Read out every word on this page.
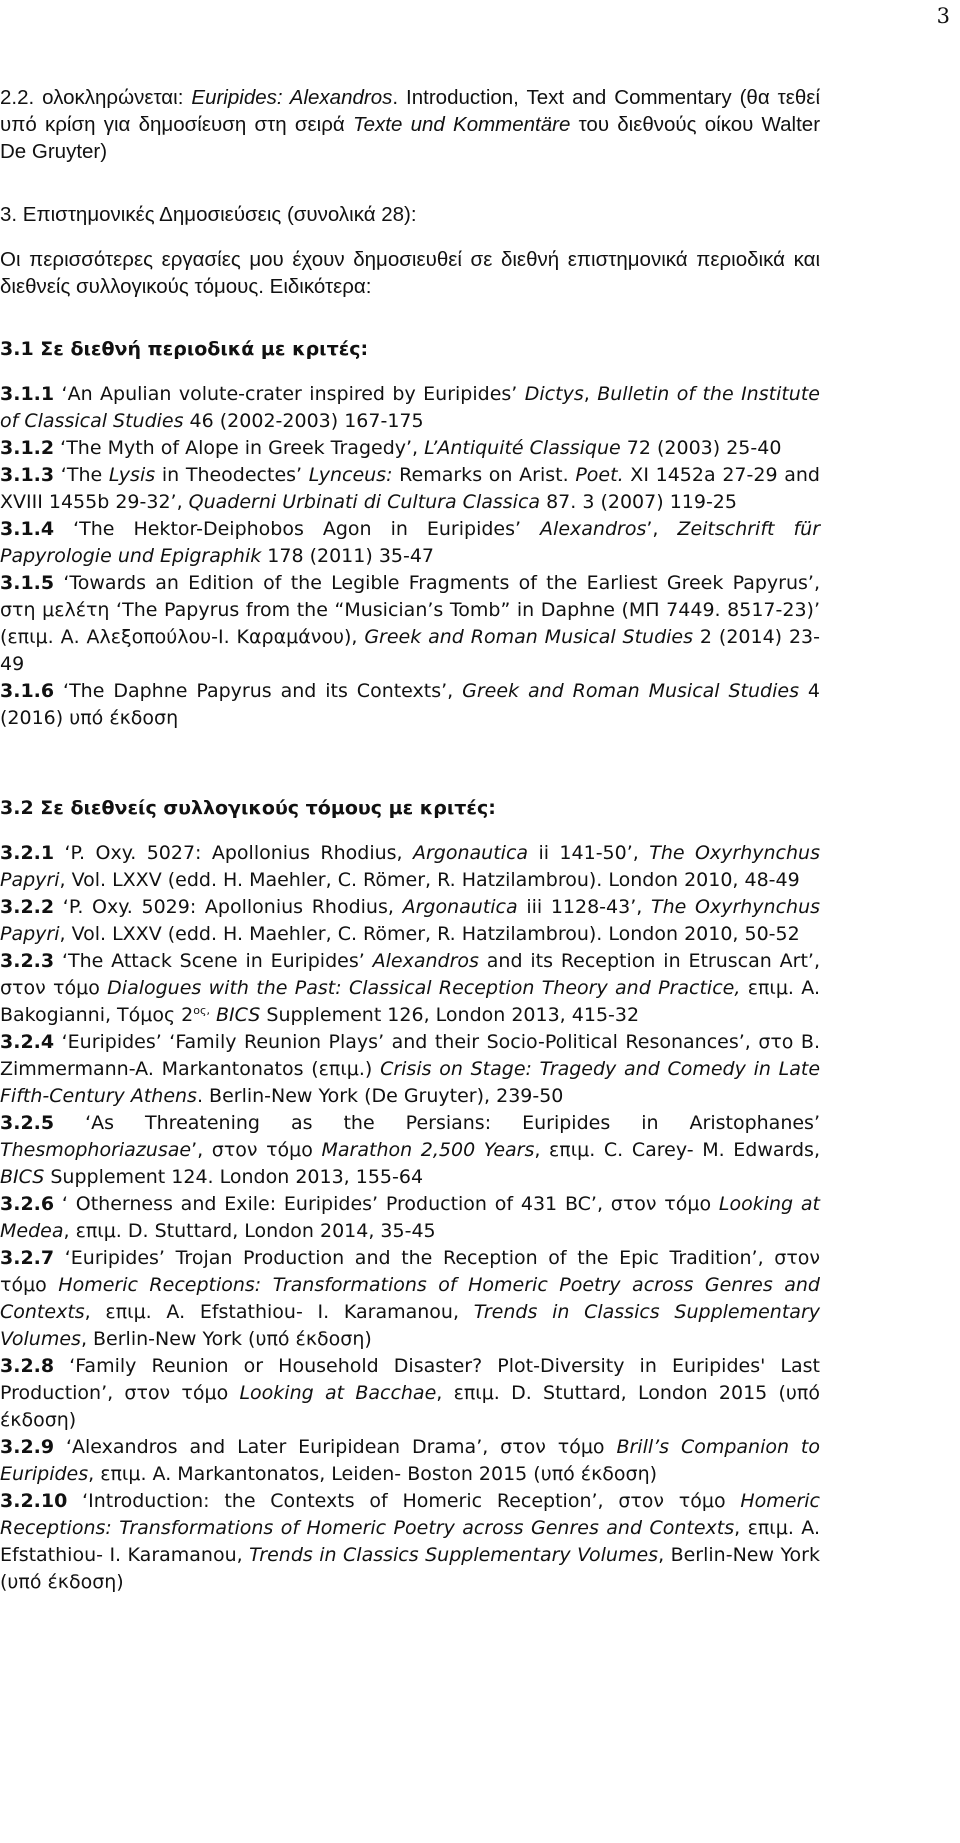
3

2.2. ολοκληρώνεται: Euripides: Alexandros. Introduction, Text and Commentary (θα τεθεί υπό κρίση για δημοσίευση στη σειρά Texte und Kommentäre του διεθνούς οίκου Walter De Gruyter)

3. Επιστημονικές Δημοσιεύσεις (συνολικά 28):

Οι περισσότερες εργασίες μου έχουν δημοσιευθεί σε διεθνή επιστημονικά περιοδικά και διεθνείς συλλογικούς τόμους. Ειδικότερα:

3.1 Σε διεθνή περιοδικά με κριτές:

3.1.1 ‘An Apulian volute-crater inspired by Euripides’ Dictys, Bulletin of the Institute of Classical Studies 46 (2002-2003) 167-175

3.1.2 ‘The Myth of Alope in Greek Tragedy’, L’Antiquité Classique 72 (2003) 25-40

3.1.3 ‘The Lysis in Theodectes’ Lynceus: Remarks on Arist. Poet. XI 1452a 27-29 and XVIII 1455b 29-32’, Quaderni Urbinati di Cultura Classica 87. 3 (2007) 119-25

3.1.4 ‘The Hektor-Deiphobos Agon in Euripides’ Alexandros’, Zeitschrift für Papyrologie und Epigraphik 178 (2011) 35-47

3.1.5 ‘Towards an Edition of the Legible Fragments of the Earliest Greek Papyrus’, στη μελέτη ‘The Papyrus from the “Musician’s Tomb” in Daphne (ΜΠ 7449. 8517-23)’ (επιμ. Α. Αλεξοπούλου-Ι. Καραμάνου), Greek and Roman Musical Studies 2 (2014) 23-49

3.1.6 ‘The Daphne Papyrus and its Contexts’, Greek and Roman Musical Studies 4 (2016) υπό έκδοση

3.2 Σε διεθνείς συλλογικούς τόμους με κριτές:

3.2.1 ‘P. Oxy. 5027: Apollonius Rhodius, Argonautica ii 141-50’, The Oxyrhynchus Papyri, Vol. LXXV (edd. H. Maehler, C. Römer, R. Hatzilambrou). London 2010, 48-49

3.2.2 ‘P. Oxy. 5029: Apollonius Rhodius, Argonautica iii 1128-43’, The Oxyrhynchus Papyri, Vol. LXXV (edd. H. Maehler, C. Römer, R. Hatzilambrou). London 2010, 50-52

3.2.3 ‘The Attack Scene in Euripides’ Alexandros and its Reception in Etruscan Art’, στον τόμο Dialogues with the Past: Classical Reception Theory and Practice, επιμ. A. Bakogianni, Τόμος $2^{o\varsigma,}$ BICS Supplement 126, London 2013, 415-32

3.2.4 ‘Euripides’ ‘Family Reunion Plays’ and their Socio-Political Resonances’, στο B. Zimmermann-A. Markantonatos (επιμ.) Crisis on Stage: Tragedy and Comedy in Late Fifth-Century Athens. Berlin-New York (De Gruyter), 239-50

3.2.5 ‘As Threatening as the Persians: Euripides in Aristophanes’ Thesmophoriazusae’, στον τόμο Marathon 2,500 Years, επιμ. C. Carey- M. Edwards, BICS Supplement 124. London 2013, 155-64

3.2.6 ‘ Otherness and Exile: Euripides’ Production of 431 BC’, στον τόμο Looking at Medea, επιμ. D. Stuttard, London 2014, 35-45

3.2.7 ‘Euripides’ Trojan Production and the Reception of the Epic Tradition’, στον τόμο Homeric Receptions: Transformations of Homeric Poetry across Genres and Contexts, επιμ. A. Efstathiou- I. Karamanou, Trends in Classics Supplementary Volumes, Berlin-New York (υπό έκδοση)

3.2.8 ‘Family Reunion or Household Disaster? Plot-Diversity in Euripides' Last Production’, στον τόμο Looking at Bacchae, επιμ. D. Stuttard, London 2015 (υπό έκδοση)

3.2.9 ‘Alexandros and Later Euripidean Drama’, στον τόμο Brill’s Companion to Euripides, επιμ. A. Markantonatos, Leiden- Boston 2015 (υπό έκδοση)

3.2.10 ‘Introduction: the Contexts of Homeric Reception’, στον τόμο Homeric Receptions: Transformations of Homeric Poetry across Genres and Contexts, επιμ. A. Efstathiou- I. Karamanou, Trends in Classics Supplementary Volumes, Berlin-New York (υπό έκδοση)
